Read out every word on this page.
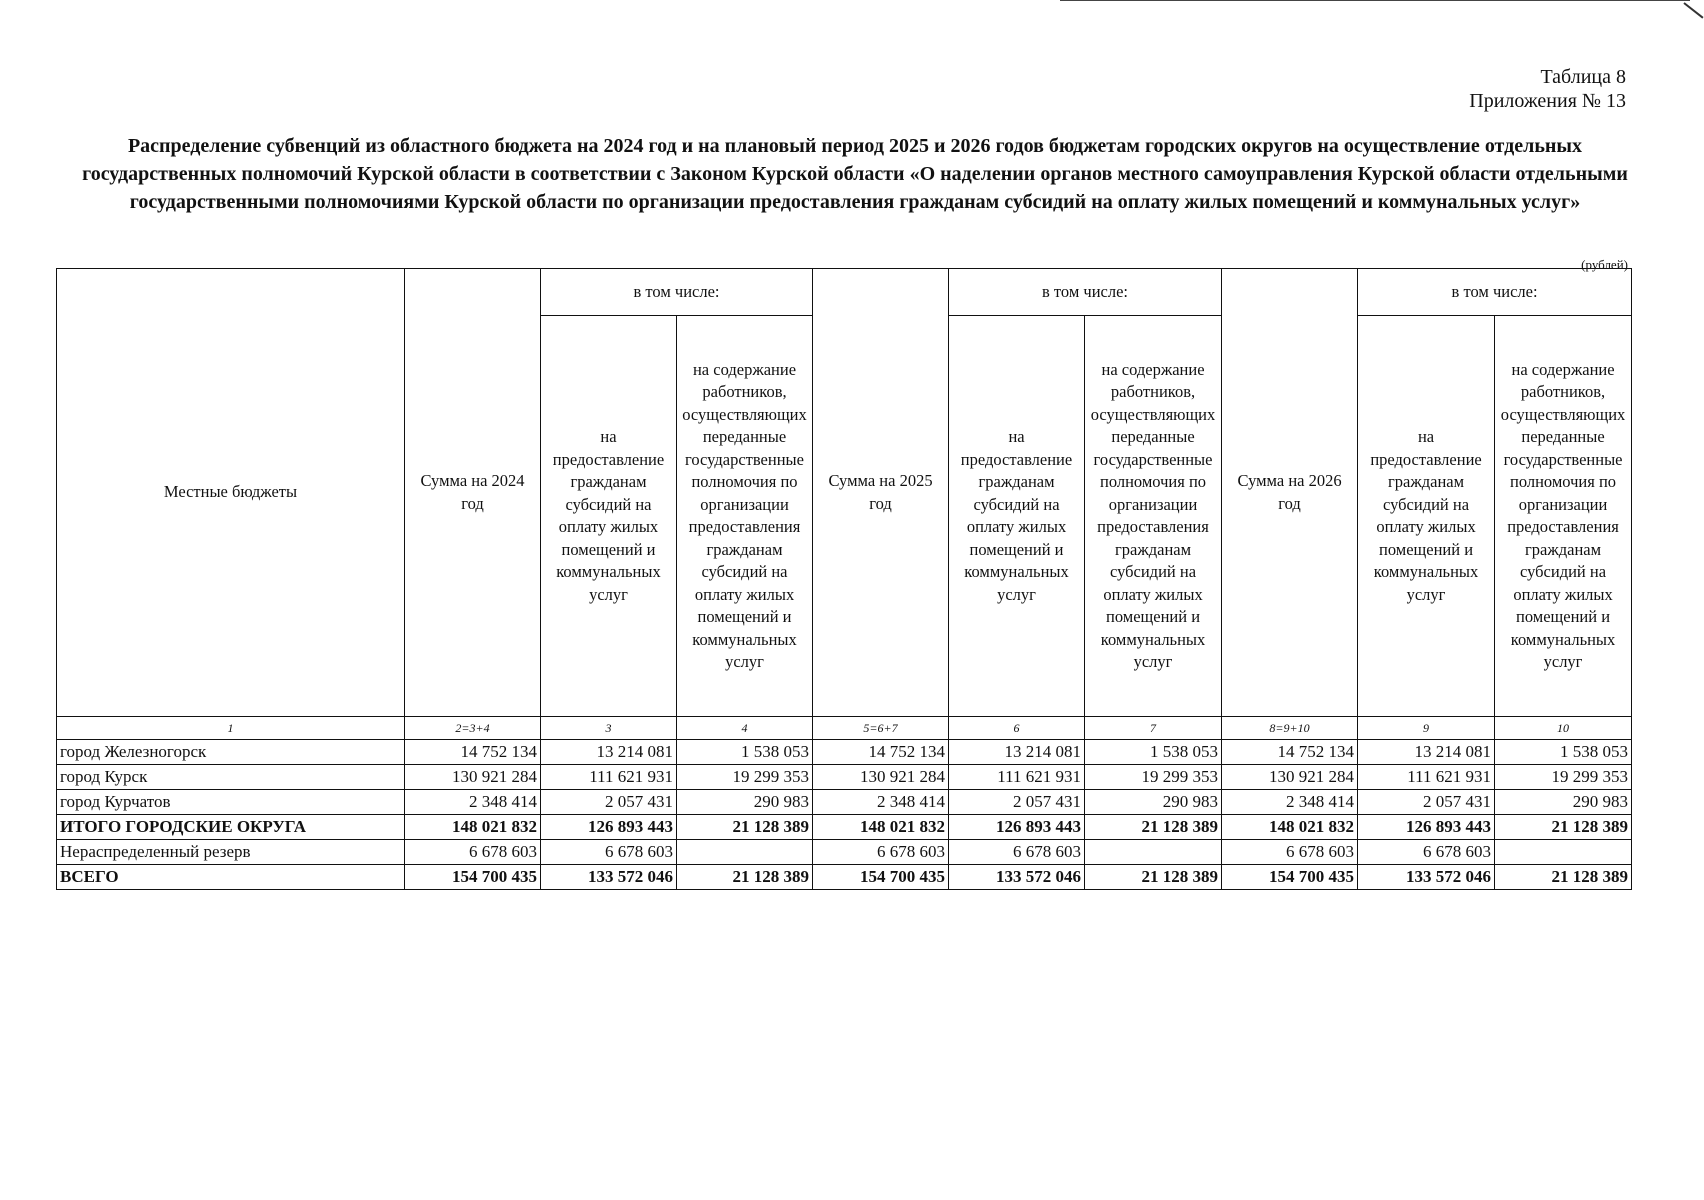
Таблица 8
Приложения № 13
Распределение субвенций из областного бюджета на 2024 год и на плановый период 2025 и 2026 годов бюджетам городских округов на осуществление отдельных государственных полномочий Курской области в соответствии с Законом Курской области «О наделении органов местного самоуправления Курской области отдельными государственными полномочиями Курской области по организации предоставления гражданам субсидий на оплату жилых помещений и коммунальных услуг»
(рублей)
Местные бюджеты	Сумма на 2024 год	в том числе:		Сумма на 2025 год	в том числе:		Сумма на 2026 год	в том числе:	
		на предоставление гражданам субсидий на оплату жилых помещений и коммунальных услуг	на содержание работников, осуществляющих переданные государственные полномочия по организации предоставления гражданам субсидий на оплату жилых помещений и коммунальных услуг		на предоставление гражданам субсидий на оплату жилых помещений и коммунальных услуг	на содержание работников, осуществляющих переданные государственные полномочия по организации предоставления гражданам субсидий на оплату жилых помещений и коммунальных услуг		на предоставление гражданам субсидий на оплату жилых помещений и коммунальных услуг	на содержание работников, осуществляющих переданные государственные полномочия по организации предоставления гражданам субсидий на оплату жилых помещений и коммунальных услуг
1	2=3+4	3	4	5=6+7	6	7	8=9+10	9	10
город Железногорск	14 752 134	13 214 081	1 538 053	14 752 134	13 214 081	1 538 053	14 752 134	13 214 081	1 538 053
город Курск	130 921 284	111 621 931	19 299 353	130 921 284	111 621 931	19 299 353	130 921 284	111 621 931	19 299 353
город Курчатов	2 348 414	2 057 431	290 983	2 348 414	2 057 431	290 983	2 348 414	2 057 431	290 983
ИТОГО ГОРОДСКИЕ ОКРУГА	148 021 832	126 893 443	21 128 389	148 021 832	126 893 443	21 128 389	148 021 832	126 893 443	21 128 389
Нераспределенный резерв	6 678 603	6 678 603		6 678 603	6 678 603		6 678 603	6 678 603	
ВСЕГО	154 700 435	133 572 046	21 128 389	154 700 435	133 572 046	21 128 389	154 700 435	133 572 046	21 128 389
